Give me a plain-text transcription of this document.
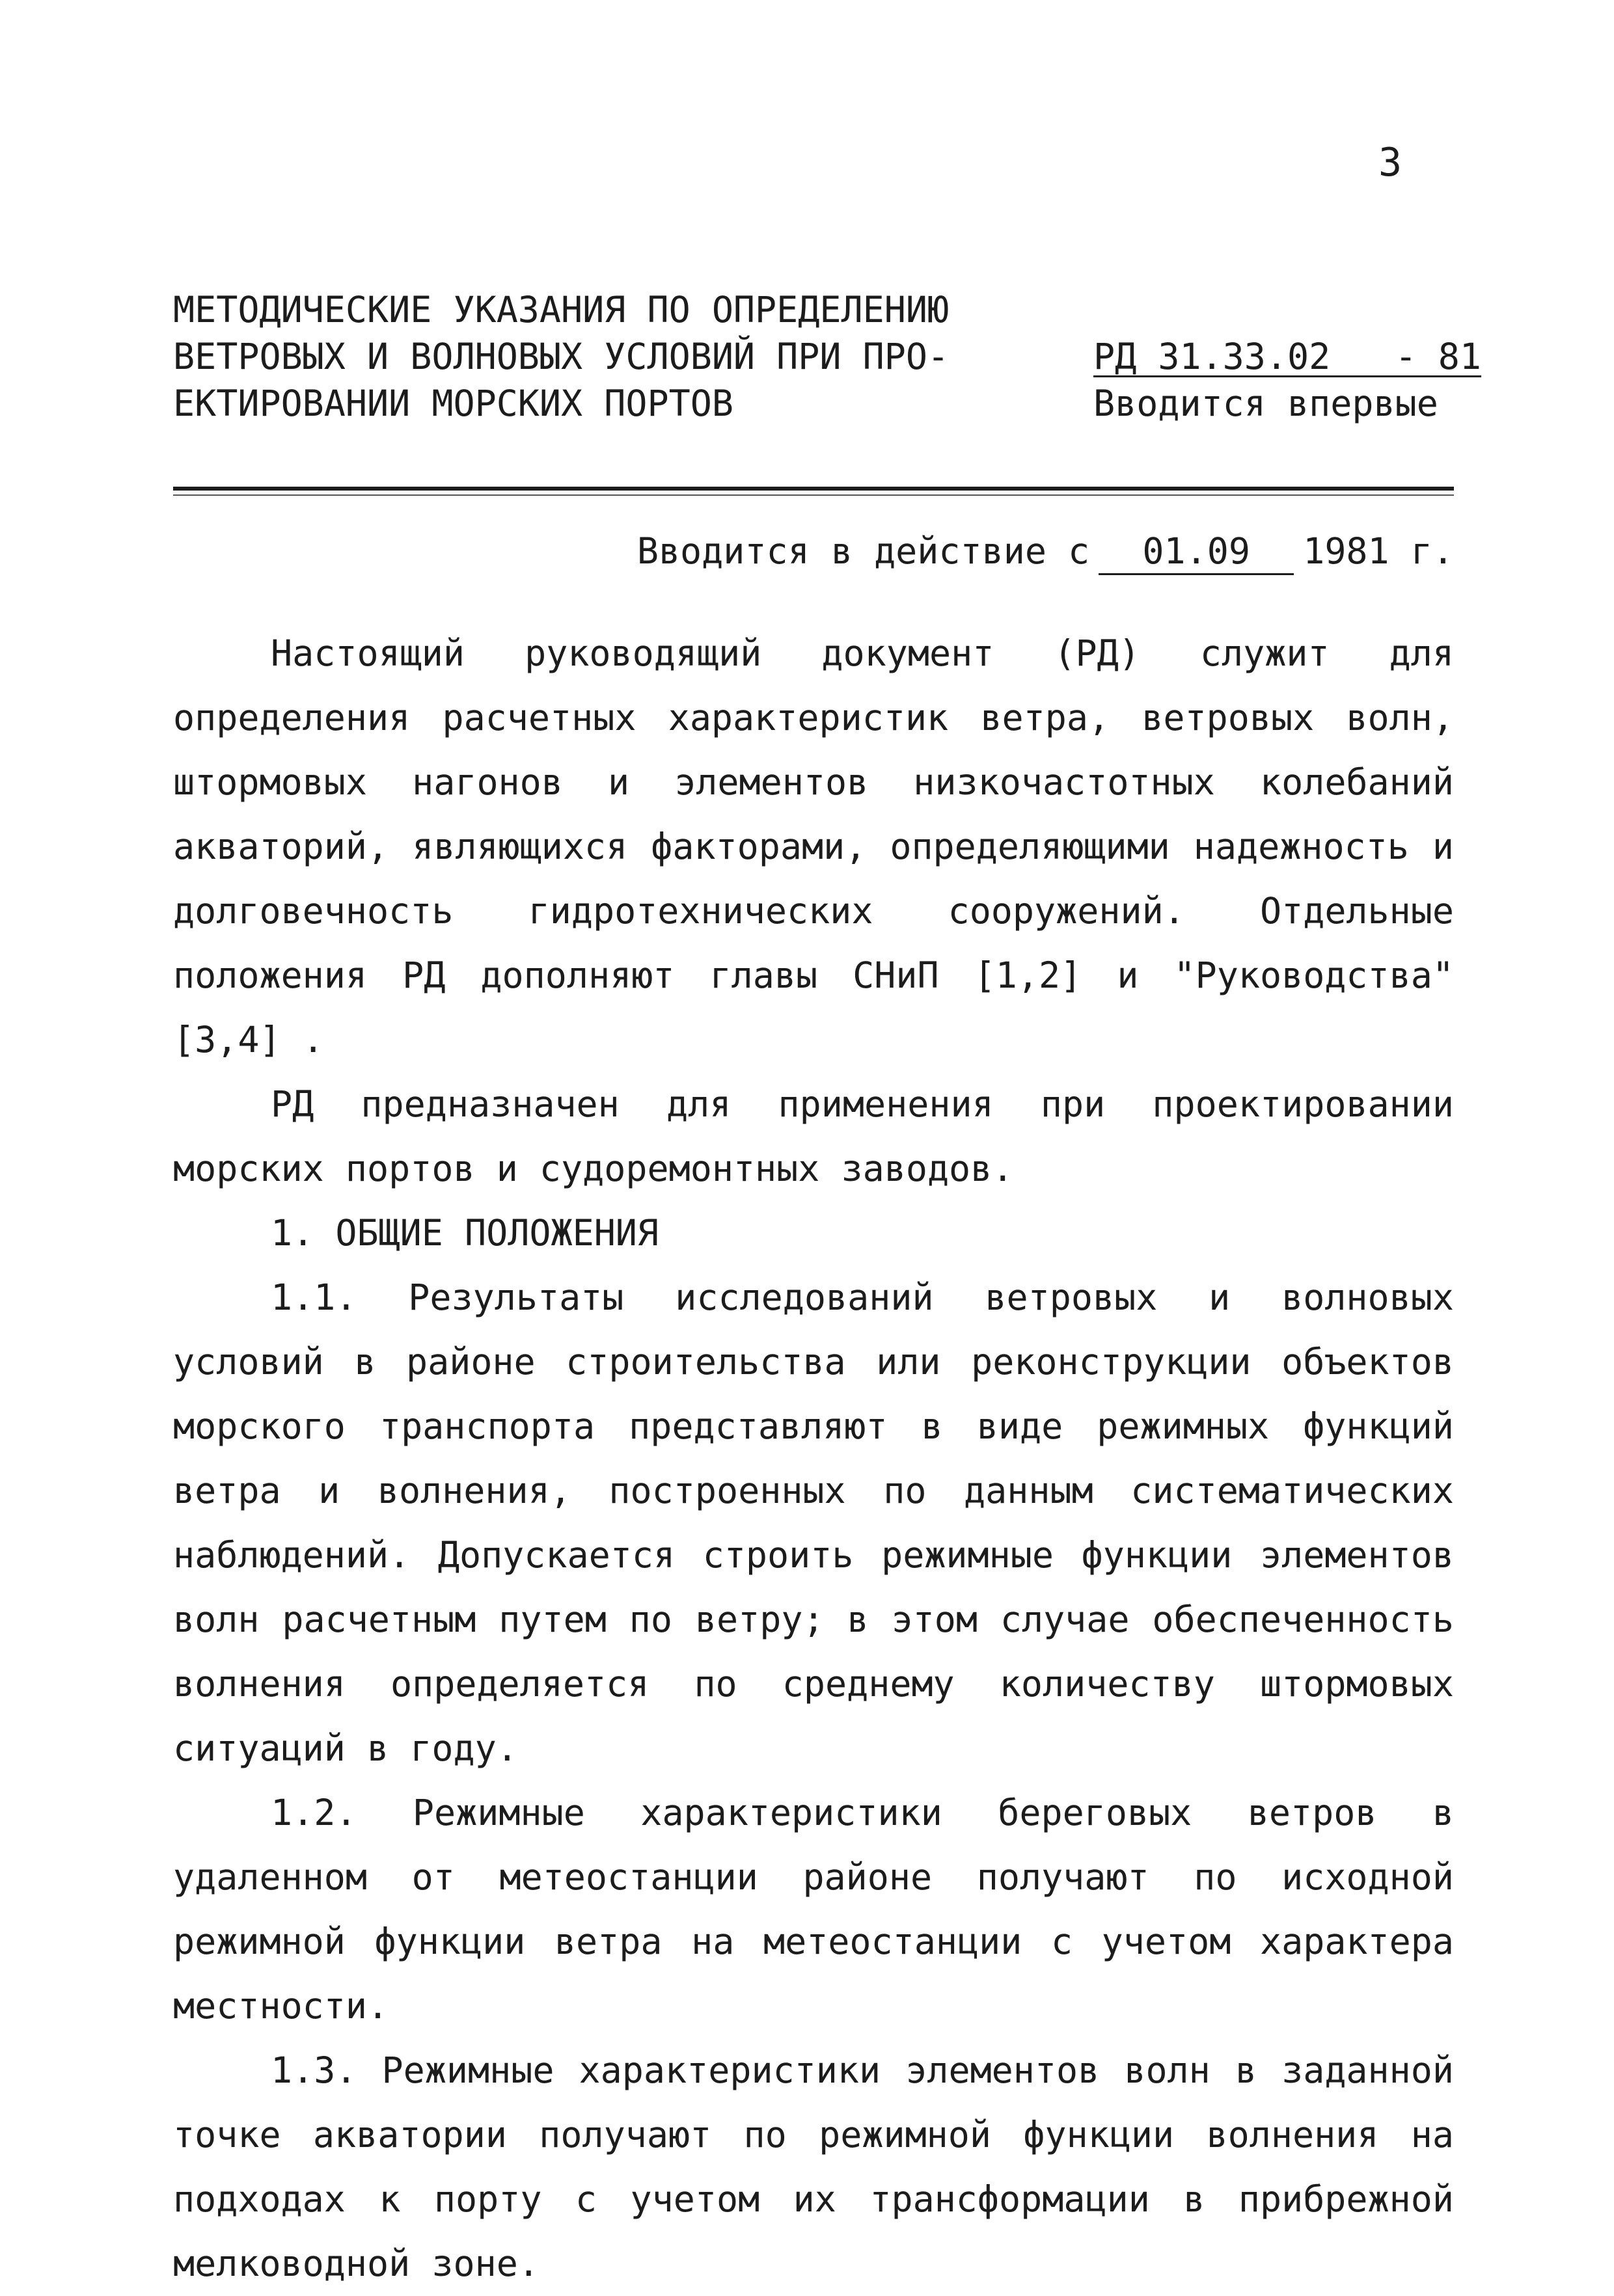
3
МЕТОДИЧЕСКИЕ УКАЗАНИЯ ПО ОПРЕДЕЛЕНИЮ
ВЕТРОВЫХ И ВОЛНОВЫХ УСЛОВИЙ ПРИ ПРО-
ЕКТИРОВАНИИ МОРСКИХ ПОРТОВ
РД 31.33.02   - 81
Вводится впервые
Вводится в действие с 01.09 1981 г.

Настоящий руководящий документ (РД) служит для определения расчетных характеристик ветра, ветровых волн, штормовых нагонов и элементов низкочастотных колебаний акваторий, являющихся факторами, определяющими надежность и долговечность гидротехнических сооружений. Отдельные положения РД дополняют главы СНиП [1,2] и "Руководства" [3,4] .

РД предназначен для применения при проектировании морских портов и судоремонтных заводов.

1. ОБЩИЕ ПОЛОЖЕНИЯ

1.1. Результаты исследований ветровых и волновых условий в районе строительства или реконструкции объектов морского транспорта представляют в виде режимных функций ветра и волнения, построенных по данным систематических наблюдений. Допускается строить режимные функции элементов волн расчетным путем по ветру; в этом случае обеспеченность волнения определяется по среднему количеству штормовых ситуаций в году.

1.2. Режимные характеристики береговых ветров в удаленном от метеостанции районе получают по исходной режимной функции ветра на метеостанции с учетом характера местности.

1.3. Режимные характеристики элементов волн в заданной точке акватории получают по режимной функции волнения на подходах к порту с учетом их трансформации в прибрежной мелководной зоне.
